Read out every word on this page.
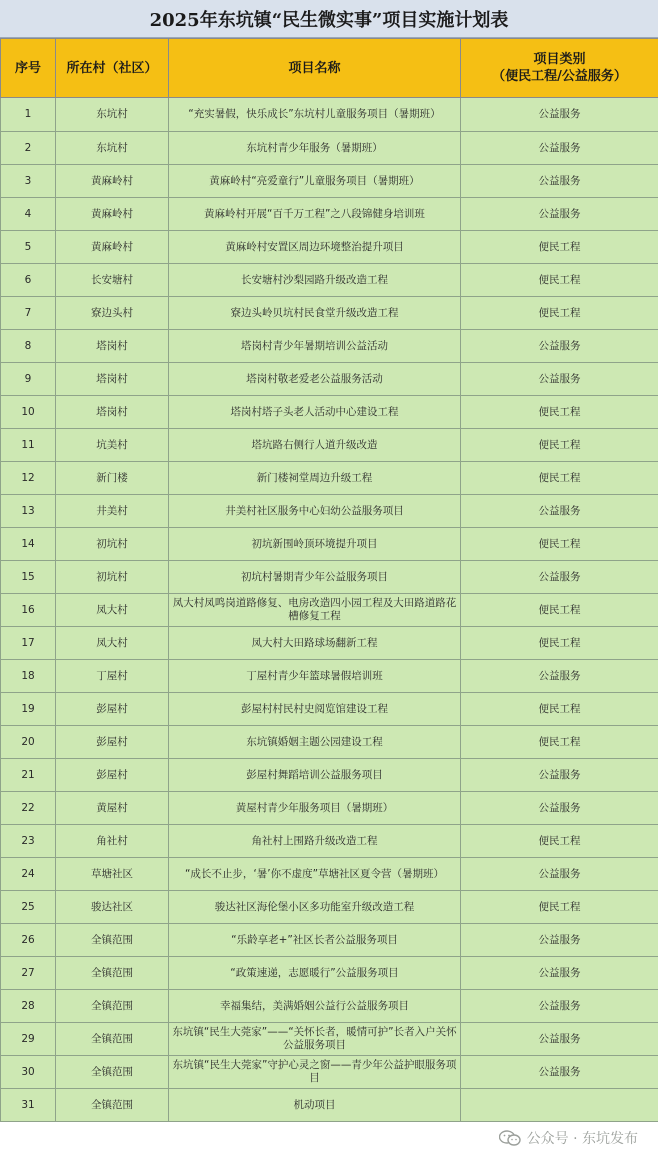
2025年东坑镇“民生微实事”项目实施计划表
序号	所在村（社区）	项目名称	项目类别
（便民工程/公益服务）

1	东坑村	“充实暑假，快乐成长”东坑村儿童服务项目（暑期班）	公益服务
2	东坑村	东坑村青少年服务（暑期班）	公益服务
3	黄麻岭村	黄麻岭村“亮爱童行”儿童服务项目（暑期班）	公益服务
4	黄麻岭村	黄麻岭村开展“百千万工程”之八段锦健身培训班	公益服务
5	黄麻岭村	黄麻岭村安置区周边环境整治提升项目	便民工程
6	长安塘村	长安塘村沙梨园路升级改造工程	便民工程
7	寮边头村	寮边头岭贝坑村民食堂升级改造工程	便民工程
8	塔岗村	塔岗村青少年暑期培训公益活动	公益服务
9	塔岗村	塔岗村敬老爱老公益服务活动	公益服务
10	塔岗村	塔岗村塔子头老人活动中心建设工程	便民工程
11	坑美村	塔坑路右侧行人道升级改造	便民工程
12	新门楼	新门楼祠堂周边升级工程	便民工程
13	井美村	井美村社区服务中心妇幼公益服务项目	公益服务
14	初坑村	初坑新围岭顶环境提升项目	便民工程
15	初坑村	初坑村暑期青少年公益服务项目	公益服务
16	凤大村	凤大村凤鸣岗道路修复、电房改造四小园工程及大田路道路花槽修复工程	便民工程
17	凤大村	凤大村大田路球场翻新工程	便民工程
18	丁屋村	丁屋村青少年篮球暑假培训班	公益服务
19	彭屋村	彭屋村村民村史阅览馆建设工程	便民工程
20	彭屋村	东坑镇婚姻主题公园建设工程	便民工程
21	彭屋村	彭屋村舞蹈培训公益服务项目	公益服务
22	黄屋村	黄屋村青少年服务项目（暑期班）	公益服务
23	角社村	角社村上围路升级改造工程	便民工程
24	草塘社区	“成长不止步，‘暑’你不虚度”草塘社区夏令营（暑期班）	公益服务
25	骏达社区	骏达社区海伦堡小区多功能室升级改造工程	便民工程
26	全镇范围	“乐龄享老+”社区长者公益服务项目	公益服务
27	全镇范围	“政策速递，志愿暖行”公益服务项目	公益服务
28	全镇范围	幸福集结，美满婚姻公益行公益服务项目	公益服务
29	全镇范围	东坑镇“民生大莞家”——“关怀长者，暖情可护”长者入户关怀公益服务项目	公益服务
30	全镇范围	东坑镇“民生大莞家”守护心灵之窗——青少年公益护眼服务项目	公益服务
31	全镇范围	机动项目	
公众号 · 东坑发布
